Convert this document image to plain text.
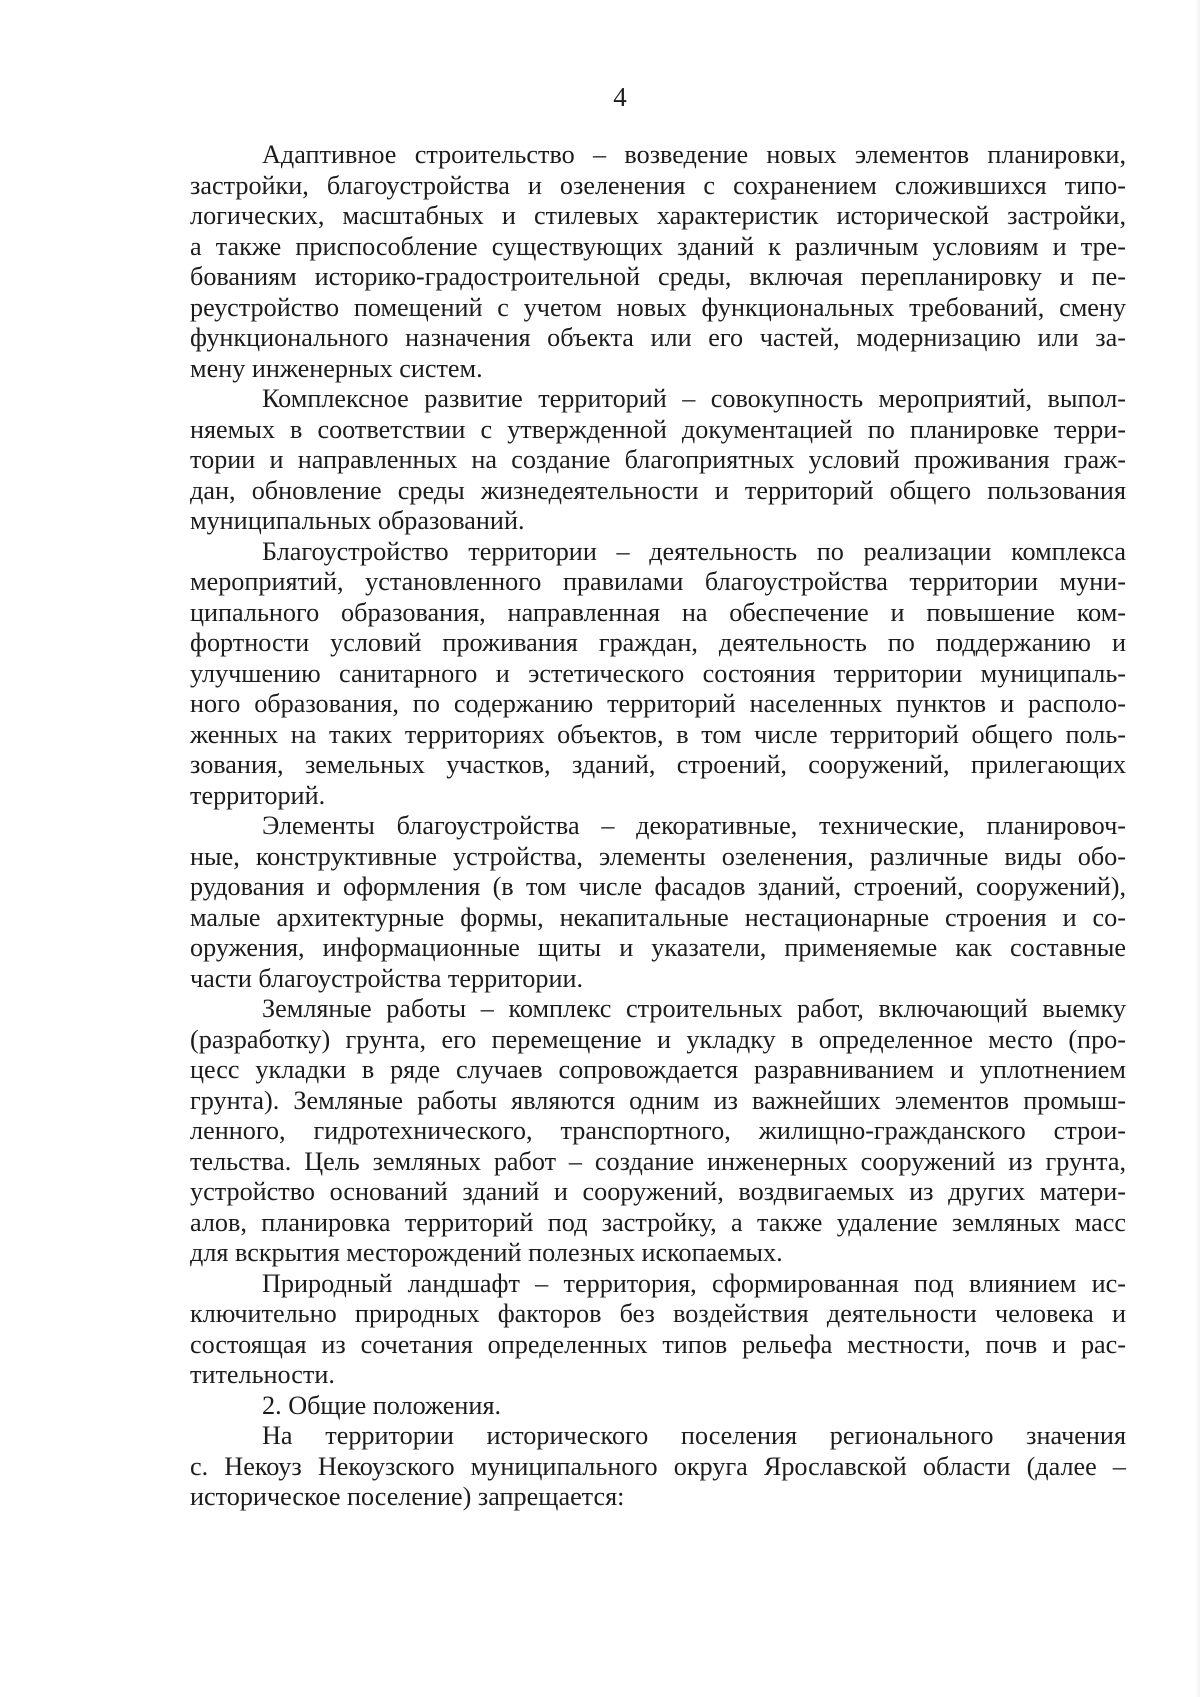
4
Адаптивное строительство – возведение новых элементов планировки,
застройки, благоустройства и озеленения с сохранением сложившихся типо-
логических, масштабных и стилевых характеристик исторической застройки,
а также приспособление существующих зданий к различным условиям и тре-
бованиям историко-градостроительной среды, включая перепланировку и пе-
реустройство помещений с учетом новых функциональных требований, смену
функционального назначения объекта или его частей, модернизацию или за-
мену инженерных систем.
Комплексное развитие территорий – совокупность мероприятий, выпол-
няемых в соответствии с утвержденной документацией по планировке терри-
тории и направленных на создание благоприятных условий проживания граж-
дан, обновление среды жизнедеятельности и территорий общего пользования
муниципальных образований.
Благоустройство территории – деятельность по реализации комплекса
мероприятий, установленного правилами благоустройства территории муни-
ципального образования, направленная на обеспечение и повышение ком-
фортности условий проживания граждан, деятельность по поддержанию и
улучшению санитарного и эстетического состояния территории муниципаль-
ного образования, по содержанию территорий населенных пунктов и располо-
женных на таких территориях объектов, в том числе территорий общего поль-
зования, земельных участков, зданий, строений, сооружений, прилегающих
территорий.
Элементы благоустройства – декоративные, технические, планировоч-
ные, конструктивные устройства, элементы озеленения, различные виды обо-
рудования и оформления (в том числе фасадов зданий, строений, сооружений),
малые архитектурные формы, некапитальные нестационарные строения и со-
оружения, информационные щиты и указатели, применяемые как составные
части благоустройства территории.
Земляные работы – комплекс строительных работ, включающий выемку
(разработку) грунта, его перемещение и укладку в определенное место (про-
цесс укладки в ряде случаев сопровождается разравниванием и уплотнением
грунта). Земляные работы являются одним из важнейших элементов промыш-
ленного, гидротехнического, транспортного, жилищно-гражданского строи-
тельства. Цель земляных работ – создание инженерных сооружений из грунта,
устройство оснований зданий и сооружений, воздвигаемых из других матери-
алов, планировка территорий под застройку, а также удаление земляных масс
для вскрытия месторождений полезных ископаемых.
Природный ландшафт – территория, сформированная под влиянием ис-
ключительно природных факторов без воздействия деятельности человека и
состоящая из сочетания определенных типов рельефа местности, почв и рас-
тительности.
2. Общие положения.
На территории исторического поселения регионального значения
с. Некоуз Некоузского муниципального округа Ярославской области (далее –
историческое поселение) запрещается:
